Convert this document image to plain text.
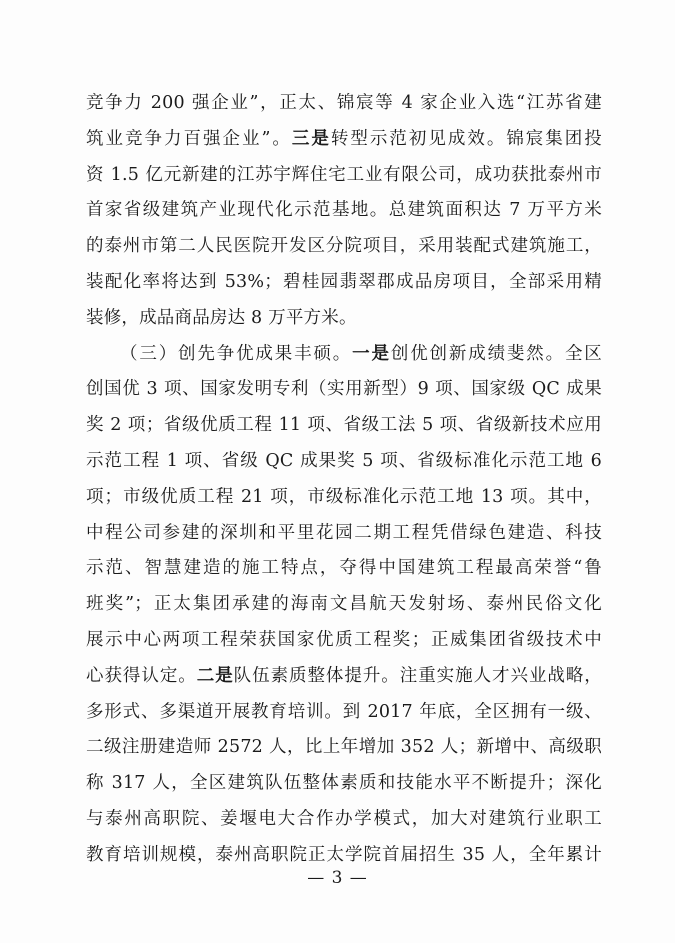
竞争力 200 强企业”，正太、锦宸等 4 家企业入选“江苏省建
筑业竞争力百强企业”。三是转型示范初见成效。锦宸集团投
资 1.5 亿元新建的江苏宇辉住宅工业有限公司，成功获批泰州市
首家省级建筑产业现代化示范基地。总建筑面积达 7 万平方米
的泰州市第二人民医院开发区分院项目，采用装配式建筑施工，
装配化率将达到 53%；碧桂园翡翠郡成品房项目，全部采用精
装修，成品商品房达 8 万平方米。
（三）创先争优成果丰硕。一是创优创新成绩斐然。全区
创国优 3 项、国家发明专利（实用新型）9 项、国家级 QC 成果
奖 2 项；省级优质工程 11 项、省级工法 5 项、省级新技术应用
示范工程 1 项、省级 QC 成果奖 5 项、省级标准化示范工地 6
项；市级优质工程 21 项，市级标准化示范工地 13 项。其中，
中程公司参建的深圳和平里花园二期工程凭借绿色建造、科技
示范、智慧建造的施工特点，夺得中国建筑工程最高荣誉“鲁
班奖”；正太集团承建的海南文昌航天发射场、泰州民俗文化
展示中心两项工程荣获国家优质工程奖；正威集团省级技术中
心获得认定。二是队伍素质整体提升。注重实施人才兴业战略，
多形式、多渠道开展教育培训。到 2017 年底，全区拥有一级、
二级注册建造师 2572 人，比上年增加 352 人；新增中、高级职
称 317 人，全区建筑队伍整体素质和技能水平不断提升；深化
与泰州高职院、姜堰电大合作办学模式，加大对建筑行业职工
教育培训规模，泰州高职院正太学院首届招生 35 人，全年累计
— 3 —
